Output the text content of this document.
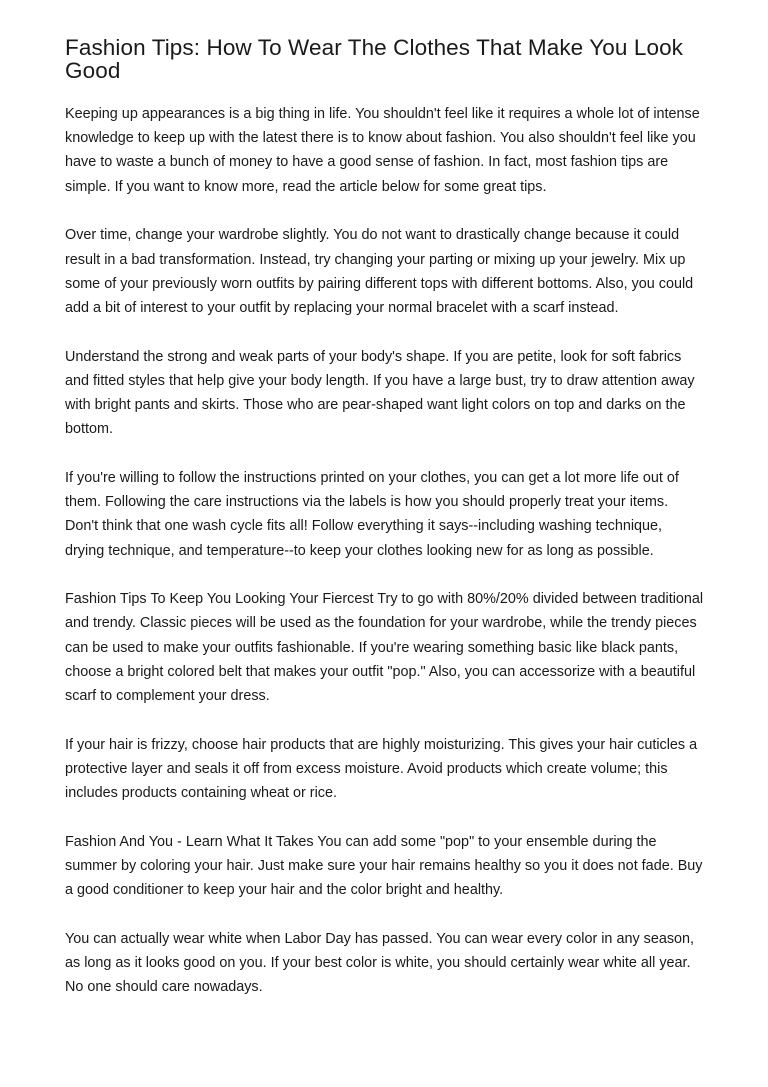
Fashion Tips: How To Wear The Clothes That Make You Look Good

Keeping up appearances is a big thing in life. You shouldn't feel like it requires a whole lot of intense knowledge to keep up with the latest there is to know about fashion. You also shouldn't feel like you have to waste a bunch of money to have a good sense of fashion. In fact, most fashion tips are simple. If you want to know more, read the article below for some great tips.

Over time, change your wardrobe slightly. You do not want to drastically change because it could result in a bad transformation. Instead, try changing your parting or mixing up your jewelry. Mix up some of your previously worn outfits by pairing different tops with different bottoms. Also, you could add a bit of interest to your outfit by replacing your normal bracelet with a scarf instead.

Understand the strong and weak parts of your body's shape. If you are petite, look for soft fabrics and fitted styles that help give your body length. If you have a large bust, try to draw attention away with bright pants and skirts. Those who are pear-shaped want light colors on top and darks on the bottom.

If you're willing to follow the instructions printed on your clothes, you can get a lot more life out of them. Following the care instructions via the labels is how you should properly treat your items. Don't think that one wash cycle fits all! Follow everything it says--including washing technique, drying technique, and temperature--to keep your clothes looking new for as long as possible.

Fashion Tips To Keep You Looking Your Fiercest Try to go with 80%/20% divided between traditional and trendy. Classic pieces will be used as the foundation for your wardrobe, while the trendy pieces can be used to make your outfits fashionable. If you're wearing something basic like black pants, choose a bright colored belt that makes your outfit "pop." Also, you can accessorize with a beautiful scarf to complement your dress.

If your hair is frizzy, choose hair products that are highly moisturizing. This gives your hair cuticles a protective layer and seals it off from excess moisture. Avoid products which create volume; this includes products containing wheat or rice.

Fashion And You - Learn What It Takes You can add some "pop" to your ensemble during the summer by coloring your hair. Just make sure your hair remains healthy so you it does not fade. Buy a good conditioner to keep your hair and the color bright and healthy.

You can actually wear white when Labor Day has passed. You can wear every color in any season, as long as it looks good on you. If your best color is white, you should certainly wear white all year. No one should care nowadays.
